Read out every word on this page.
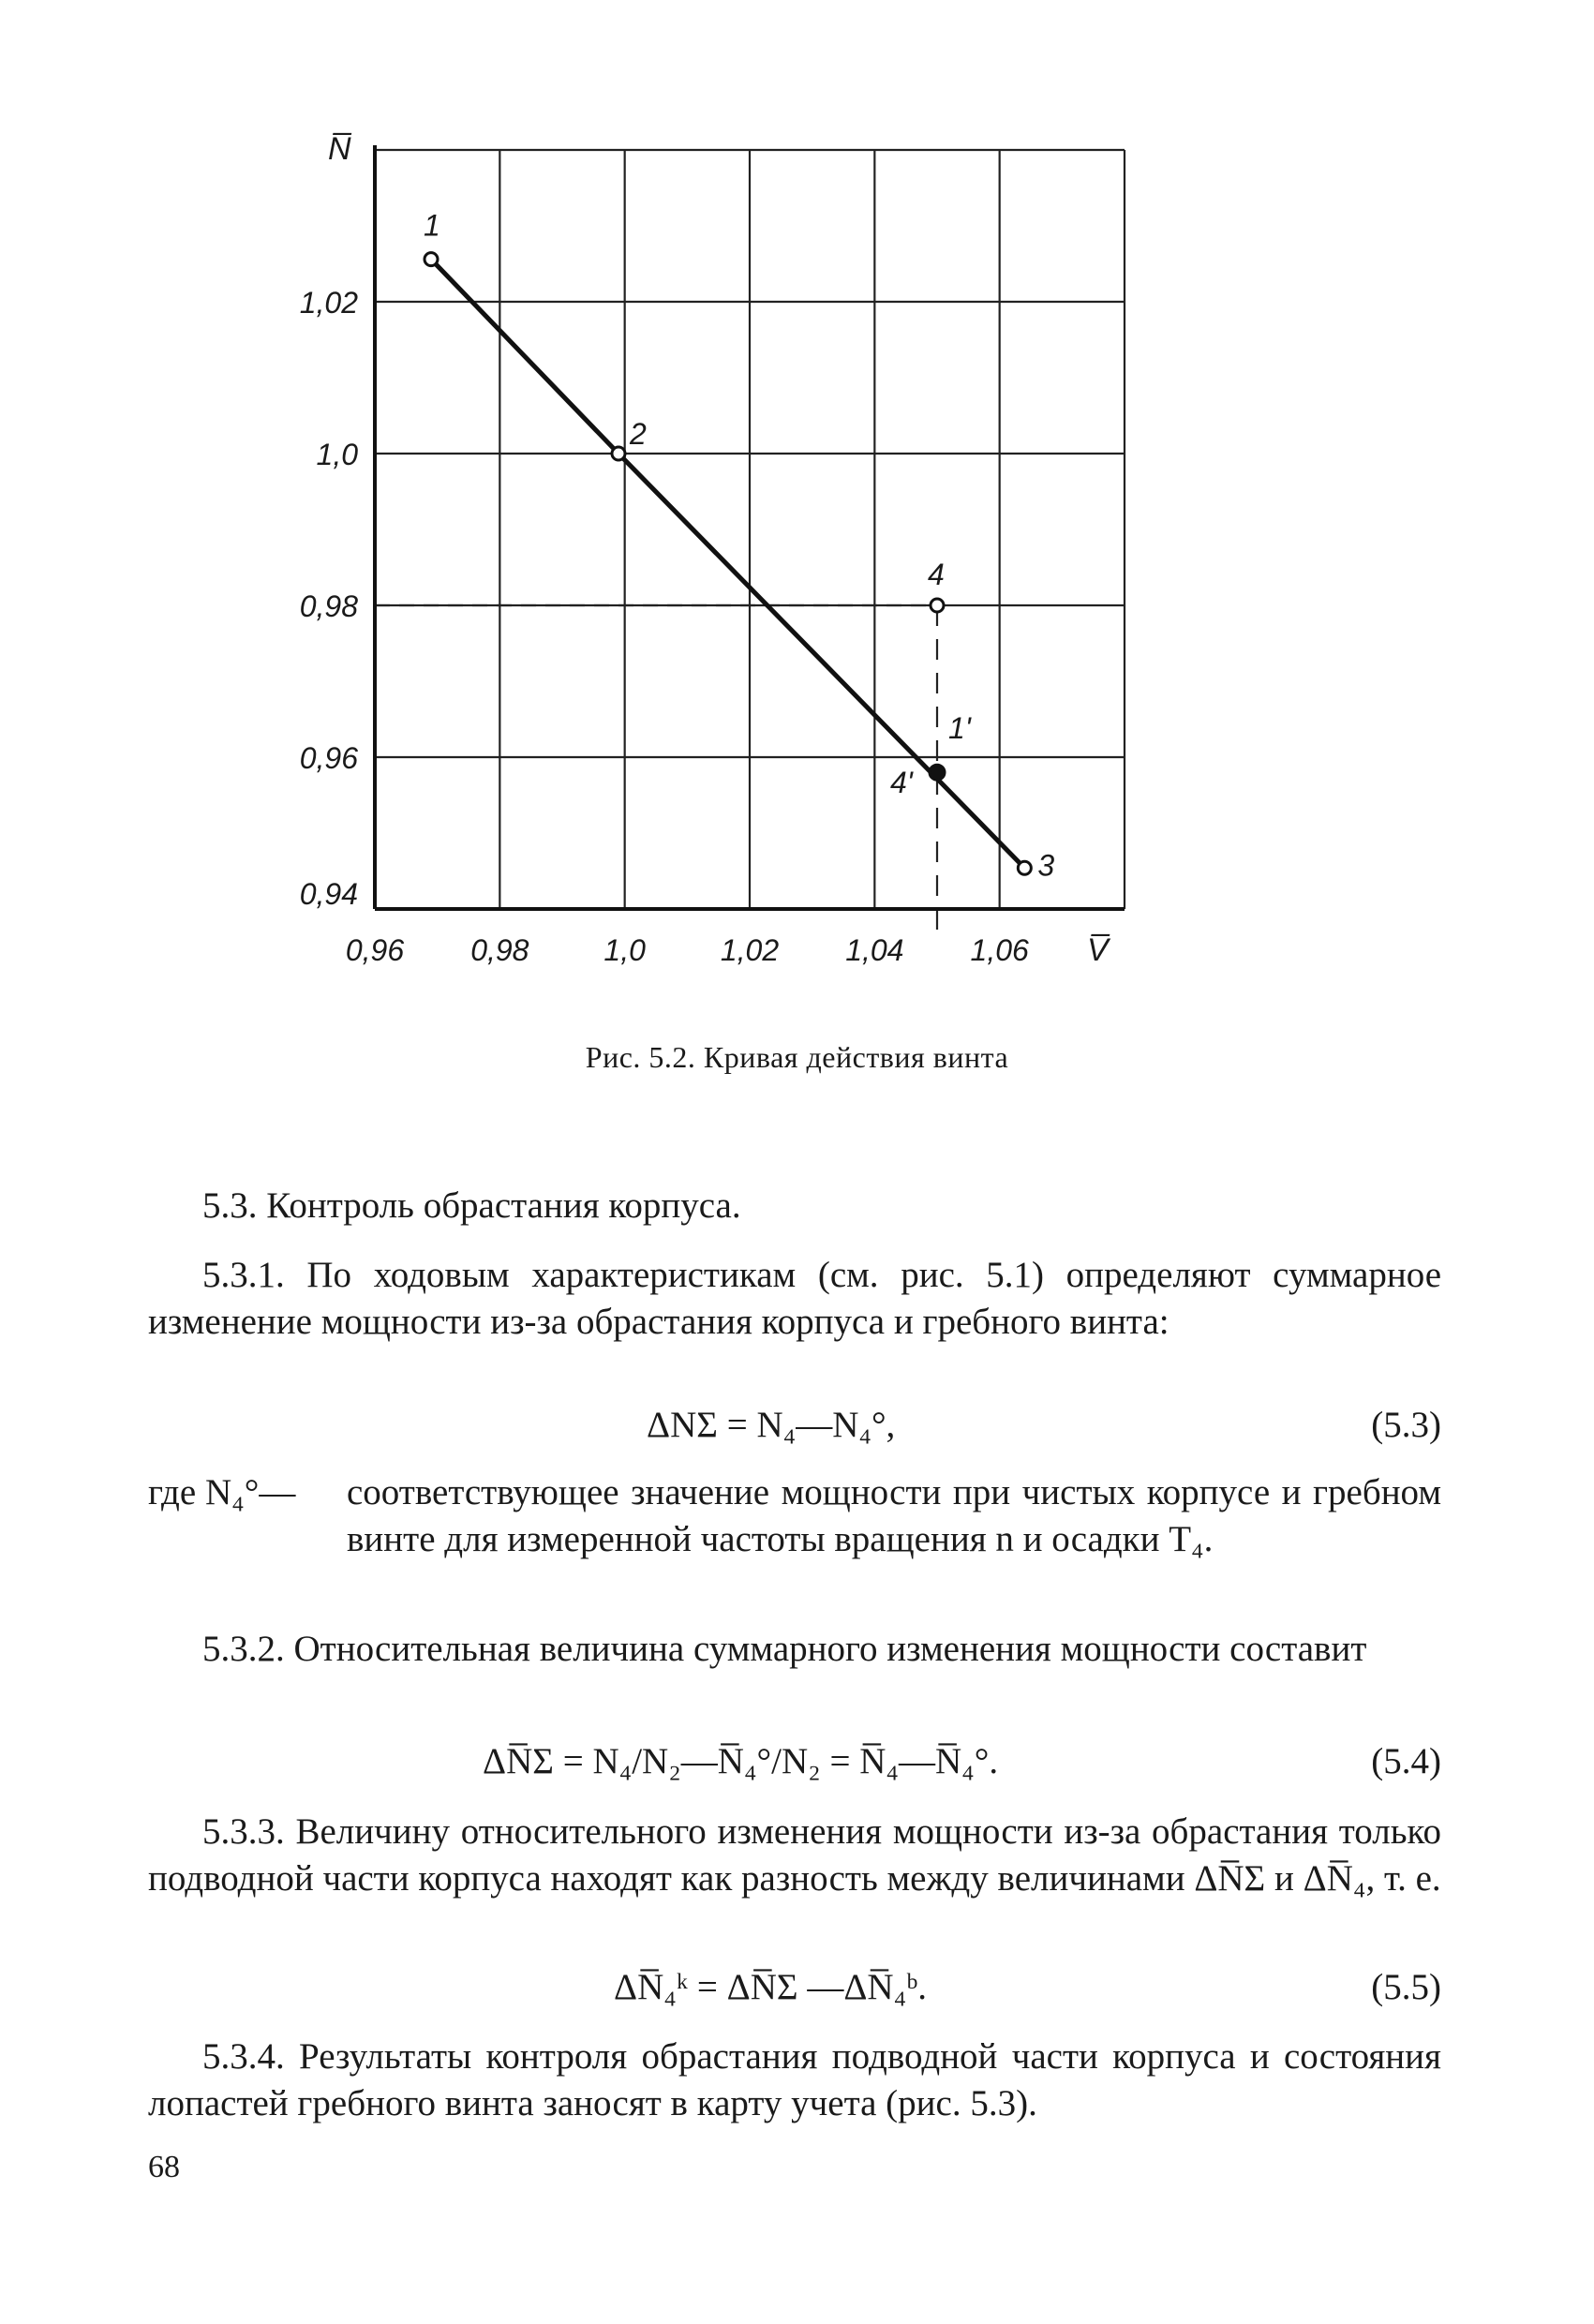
1
2
3
4
4ʹ
1ʹ
0,96 0,98 1,0 1,02 1,04 1,06
0,94
0,96
0,98
1,0
1,02
N̅
V̅
Рис. 5.2. Кривая действия винта
5.3. Контроль обрастания корпуса.
5.3.1. По ходовым характеристикам (см. рис. 5.1) определяют суммарное изменение мощности из-за обрастания корпуса и гребного винта:
ΔNΣ = N₄—N₄°,	(5.3)
где N₄°— соответствующее значение мощности при чистых корпусе и гребном винте для измеренной частоты вращения n и осадки T₄.
5.3.2. Относительная величина суммарного изменения мощности составит
ΔN̅Σ = N₄/N₂—N̅₄°/N₂ = N̅₄—N̅₄°.	(5.4)
5.3.3. Величину относительного изменения мощности из-за обрастания только подводной части корпуса находят как разность между величинами ΔN̅Σ и ΔN̅₄, т. е.
ΔN̅₄ᵏ = ΔN̅Σ —ΔN̅₄ᵇ.	(5.5)
5.3.4. Результаты контроля обрастания подводной части корпуса и состояния лопастей гребного винта заносят в карту учета (рис. 5.3).
68
